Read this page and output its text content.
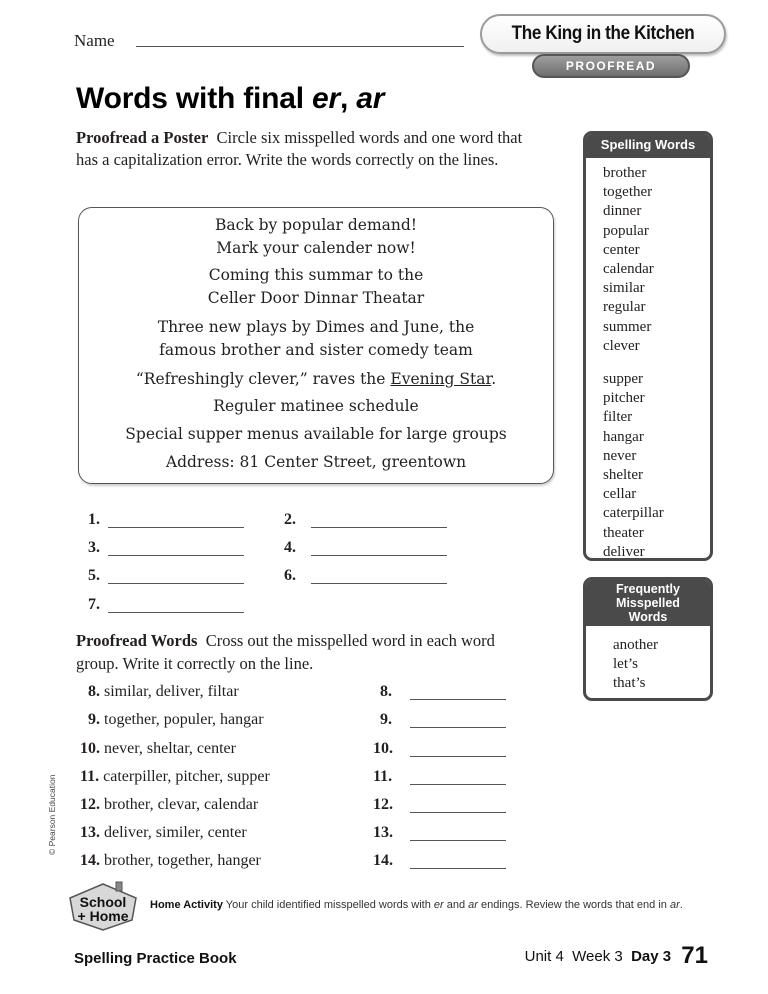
Name	The King in the Kitchen
PROOFREAD
Words with final er, ar

Proofread a Poster Circle six misspelled words and one word that has a capitalization error. Write the words correctly on the lines.

Back by popular demand!
Mark your calender now!
Coming this summar to the
Celler Door Dinnar Theatar
Three new plays by Dimes and June, the
famous brother and sister comedy team
“Refreshingly clever,” raves the Evening Star.
Reguler matinee schedule
Special supper menus available for large groups
Address: 81 Center Street, greentown
1.	2.
3.	4.
5.	6.
7.

Proofread Words Cross out the misspelled word in each word group. Write it correctly on the line.

8. similar, deliver, filtar	8.
9. together, populer, hangar	9.
10. never, sheltar, center	10.
11. caterpiller, pitcher, supper	11.
12. brother, clevar, calendar	12.
13. deliver, similer, center	13.
14. brother, together, hanger	14.
© Pearson Education
Spelling Words
brother
together
dinner
popular
center
calendar
similar
regular
summer
clever
supper
pitcher
filter
hangar
never
shelter
cellar
caterpillar
theater
deliver
Frequently
Misspelled
Words
another
let’s
that’s
School
+ Home
Home Activity Your child identified misspelled words with er and ar endings. Review the words that end in ar.
Spelling Practice Book	Unit 4 Week 3 Day 3 71
